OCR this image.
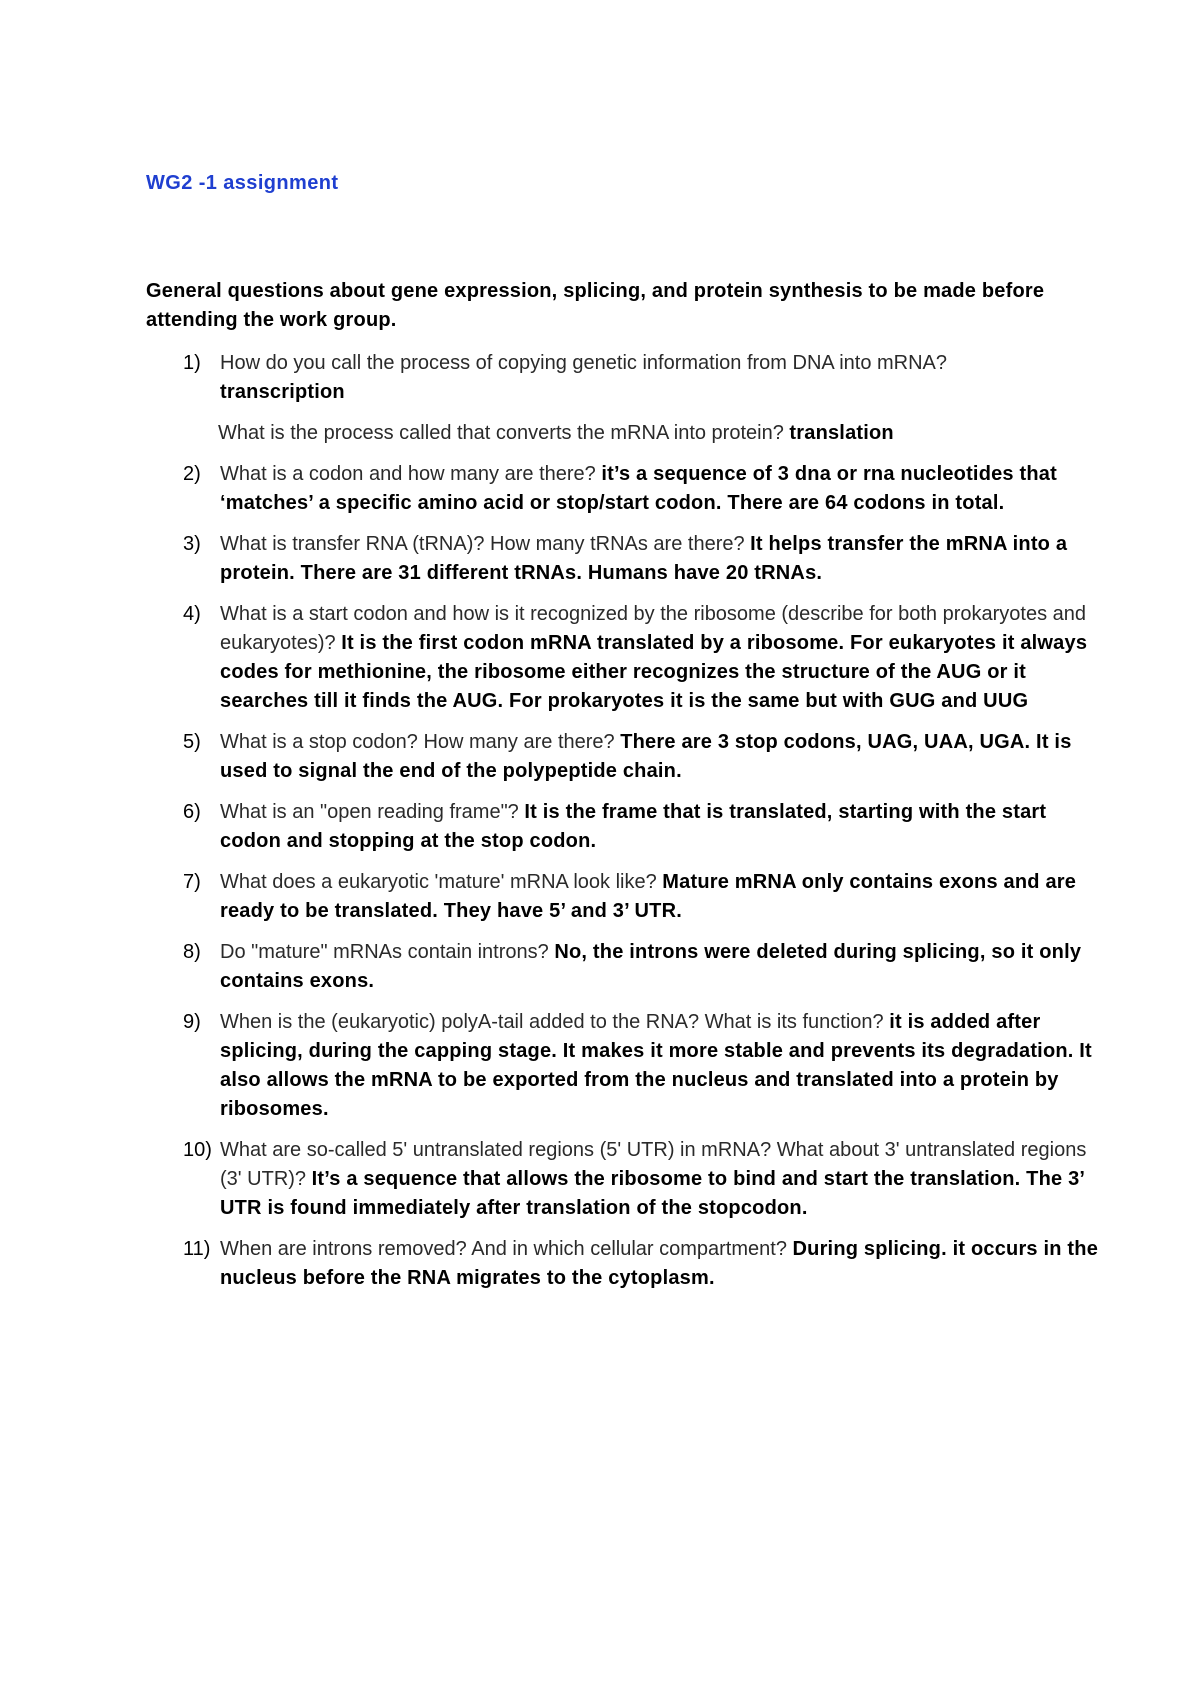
WG2 -1 assignment

General questions about gene expression, splicing, and protein synthesis to be made before attending the work group.

1) How do you call the process of copying genetic information from DNA into mRNA?
transcription
What is the process called that converts the mRNA into protein? translation
2) What is a codon and how many are there? it’s a sequence of 3 dna or rna nucleotides that ‘matches’ a specific amino acid or stop/start codon. There are 64 codons in total.
3) What is transfer RNA (tRNA)? How many tRNAs are there? It helps transfer the mRNA into a protein. There are 31 different tRNAs. Humans have 20 tRNAs.
4) What is a start codon and how is it recognized by the ribosome (describe for both prokaryotes and eukaryotes)? It is the first codon mRNA translated by a ribosome. For eukaryotes it always codes for methionine, the ribosome either recognizes the structure of the AUG or it searches till it finds the AUG. For prokaryotes it is the same but with GUG and UUG
5) What is a stop codon? How many are there? There are 3 stop codons, UAG, UAA, UGA. It is used to signal the end of the polypeptide chain.
6) What is an "open reading frame"? It is the frame that is translated, starting with the start codon and stopping at the stop codon.
7) What does a eukaryotic 'mature' mRNA look like? Mature mRNA only contains exons and are ready to be translated. They have 5’ and 3’ UTR.
8) Do "mature" mRNAs contain introns? No, the introns were deleted during splicing, so it only contains exons.
9) When is the (eukaryotic) polyA-tail added to the RNA? What is its function? it is added after splicing, during the capping stage. It makes it more stable and prevents its degradation. It also allows the mRNA to be exported from the nucleus and translated into a protein by ribosomes.
10) What are so-called 5' untranslated regions (5' UTR) in mRNA? What about 3' untranslated regions (3' UTR)? It’s a sequence that allows the ribosome to bind and start the translation. The 3’ UTR is found immediately after translation of the stopcodon.
11) When are introns removed? And in which cellular compartment? During splicing. it occurs in the nucleus before the RNA migrates to the cytoplasm.
